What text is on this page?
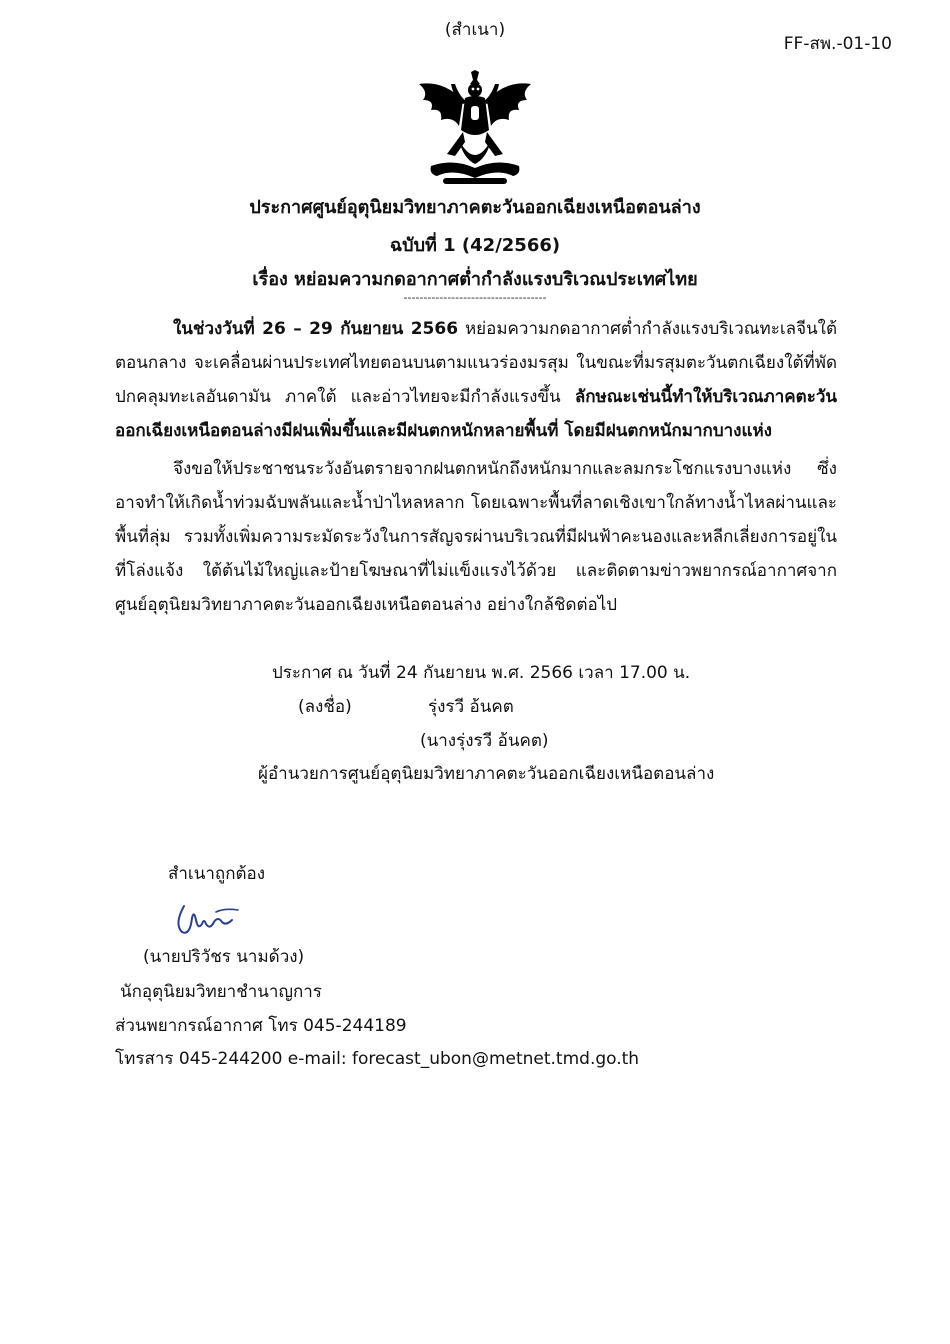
(สำเนา)
FF-สพ.-01-10
ประกาศศูนย์อุตุนิยมวิทยาภาคตะวันออกเฉียงเหนือตอนล่าง
ฉบับที่ 1 (42/2566)
เรื่อง หย่อมความกดอากาศต่ำกำลังแรงบริเวณประเทศไทย
------------------------------------
ในช่วงวันที่ 26 – 29 กันยายน 2566 หย่อมความกดอากาศต่ำกำลังแรงบริเวณทะเลจีนใต้ตอนกลาง จะเคลื่อนผ่านประเทศไทยตอนบนตามแนวร่องมรสุม ในขณะที่มรสุมตะวันตกเฉียงใต้ที่พัดปกคลุมทะเลอันดามัน ภาคใต้ และอ่าวไทยจะมีกำลังแรงขึ้น ลักษณะเช่นนี้ทำให้บริเวณภาคตะวันออกเฉียงเหนือตอนล่างมีฝนเพิ่มขึ้นและมีฝนตกหนักหลายพื้นที่ โดยมีฝนตกหนักมากบางแห่ง
จึงขอให้ประชาชนระวังอันตรายจากฝนตกหนักถึงหนักมากและลมกระโชกแรงบางแห่ง ซึ่งอาจทำให้เกิดน้ำท่วมฉับพลันและน้ำป่าไหลหลาก โดยเฉพาะพื้นที่ลาดเชิงเขาใกล้ทางน้ำไหลผ่านและพื้นที่ลุ่ม รวมทั้งเพิ่มความระมัดระวังในการสัญจรผ่านบริเวณที่มีฝนฟ้าคะนองและหลีกเลี่ยงการอยู่ในที่โล่งแจ้ง ใต้ต้นไม้ใหญ่และป้ายโฆษณาที่ไม่แข็งแรงไว้ด้วย และติดตามข่าวพยากรณ์อากาศจากศูนย์อุตุนิยมวิทยาภาคตะวันออกเฉียงเหนือตอนล่าง อย่างใกล้ชิดต่อไป
ประกาศ ณ วันที่ 24 กันยายน พ.ศ. 2566 เวลา 17.00 น.
(ลงชื่อ)	รุ่งรวี อ้นคต
(นางรุ่งรวี อ้นคต)
ผู้อำนวยการศูนย์อุตุนิยมวิทยาภาคตะวันออกเฉียงเหนือตอนล่าง
สำเนาถูกต้อง
(นายปริวัชร นามด้วง)
นักอุตุนิยมวิทยาชำนาญการ
ส่วนพยากรณ์อากาศ โทร 045-244189
โทรสาร 045-244200 e-mail: forecast_ubon@metnet.tmd.go.th
